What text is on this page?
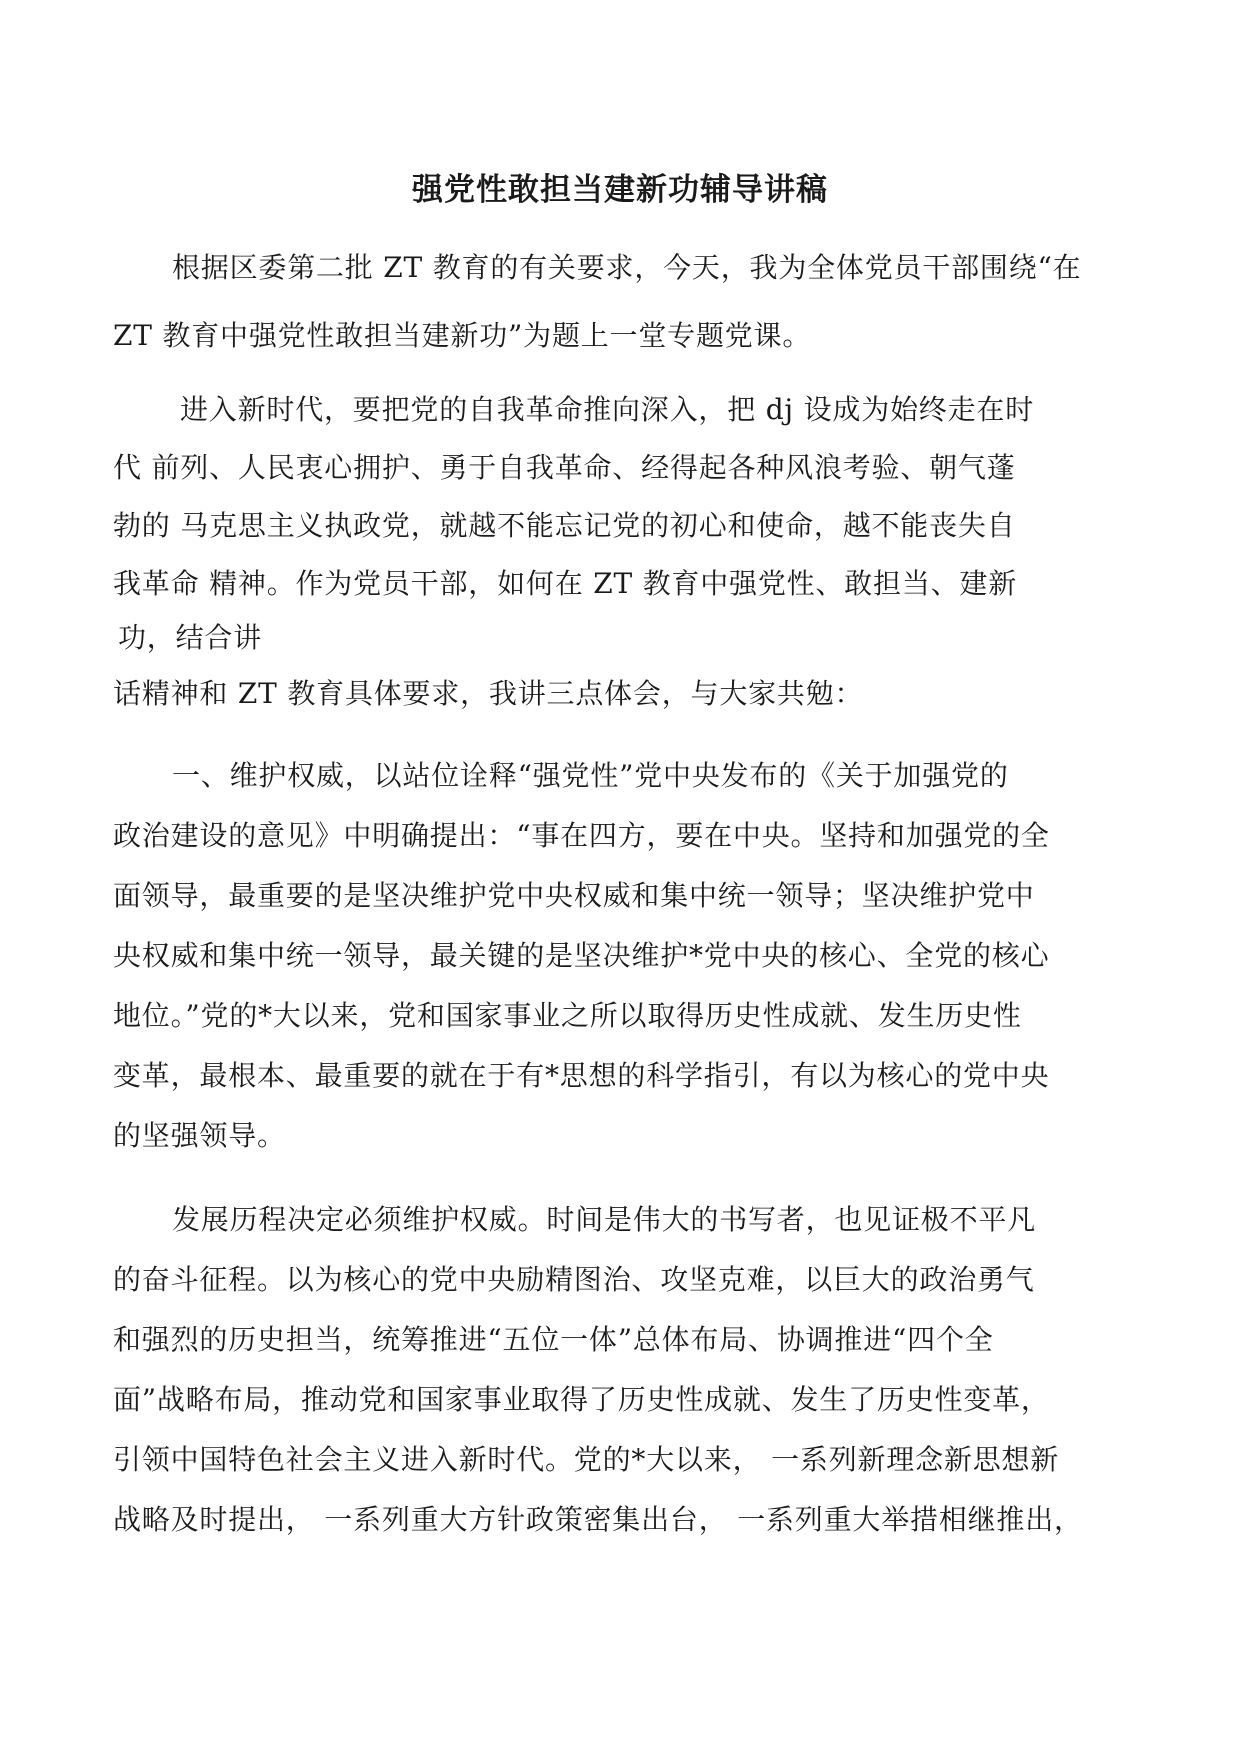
强党性敢担当建新功辅导讲稿
根据区委第二批 ZT 教育的有关要求，今天，我为全体党员干部围绕“在
ZT 教育中强党性敢担当建新功”为题上一堂专题党课。
进入新时代，要把党的自我革命推向深入，把 dj 设成为始终走在时
代 前列、人民衷心拥护、勇于自我革命、经得起各种风浪考验、朝气蓬
勃的 马克思主义执政党，就越不能忘记党的初心和使命，越不能丧失自
我革命 精神。作为党员干部，如何在 ZT 教育中强党性、敢担当、建新
功，结合讲
话精神和 ZT 教育具体要求，我讲三点体会，与大家共勉：
一、维护权威，以站位诠释“强党性”党中央发布的《关于加强党的
政治建设的意见》中明确提出：“事在四方，要在中央。坚持和加强党的全
面领导，最重要的是坚决维护党中央权威和集中统一领导；坚决维护党中
央权威和集中统一领导，最关键的是坚决维护*党中央的核心、全党的核心
地位。”党的*大以来，党和国家事业之所以取得历史性成就、发生历史性
变革，最根本、最重要的就在于有*思想的科学指引，有以为核心的党中央
的坚强领导。
发展历程决定必须维护权威。时间是伟大的书写者，也见证极不平凡
的奋斗征程。以为核心的党中央励精图治、攻坚克难，以巨大的政治勇气
和强烈的历史担当，统筹推进“五位一体”总体布局、协调推进“四个全
面”战略布局，推动党和国家事业取得了历史性成就、发生了历史性变革，
引领中国特色社会主义进入新时代。党的*大以来， 一系列新理念新思想新
战略及时提出， 一系列重大方针政策密集出台， 一系列重大举措相继推出，
